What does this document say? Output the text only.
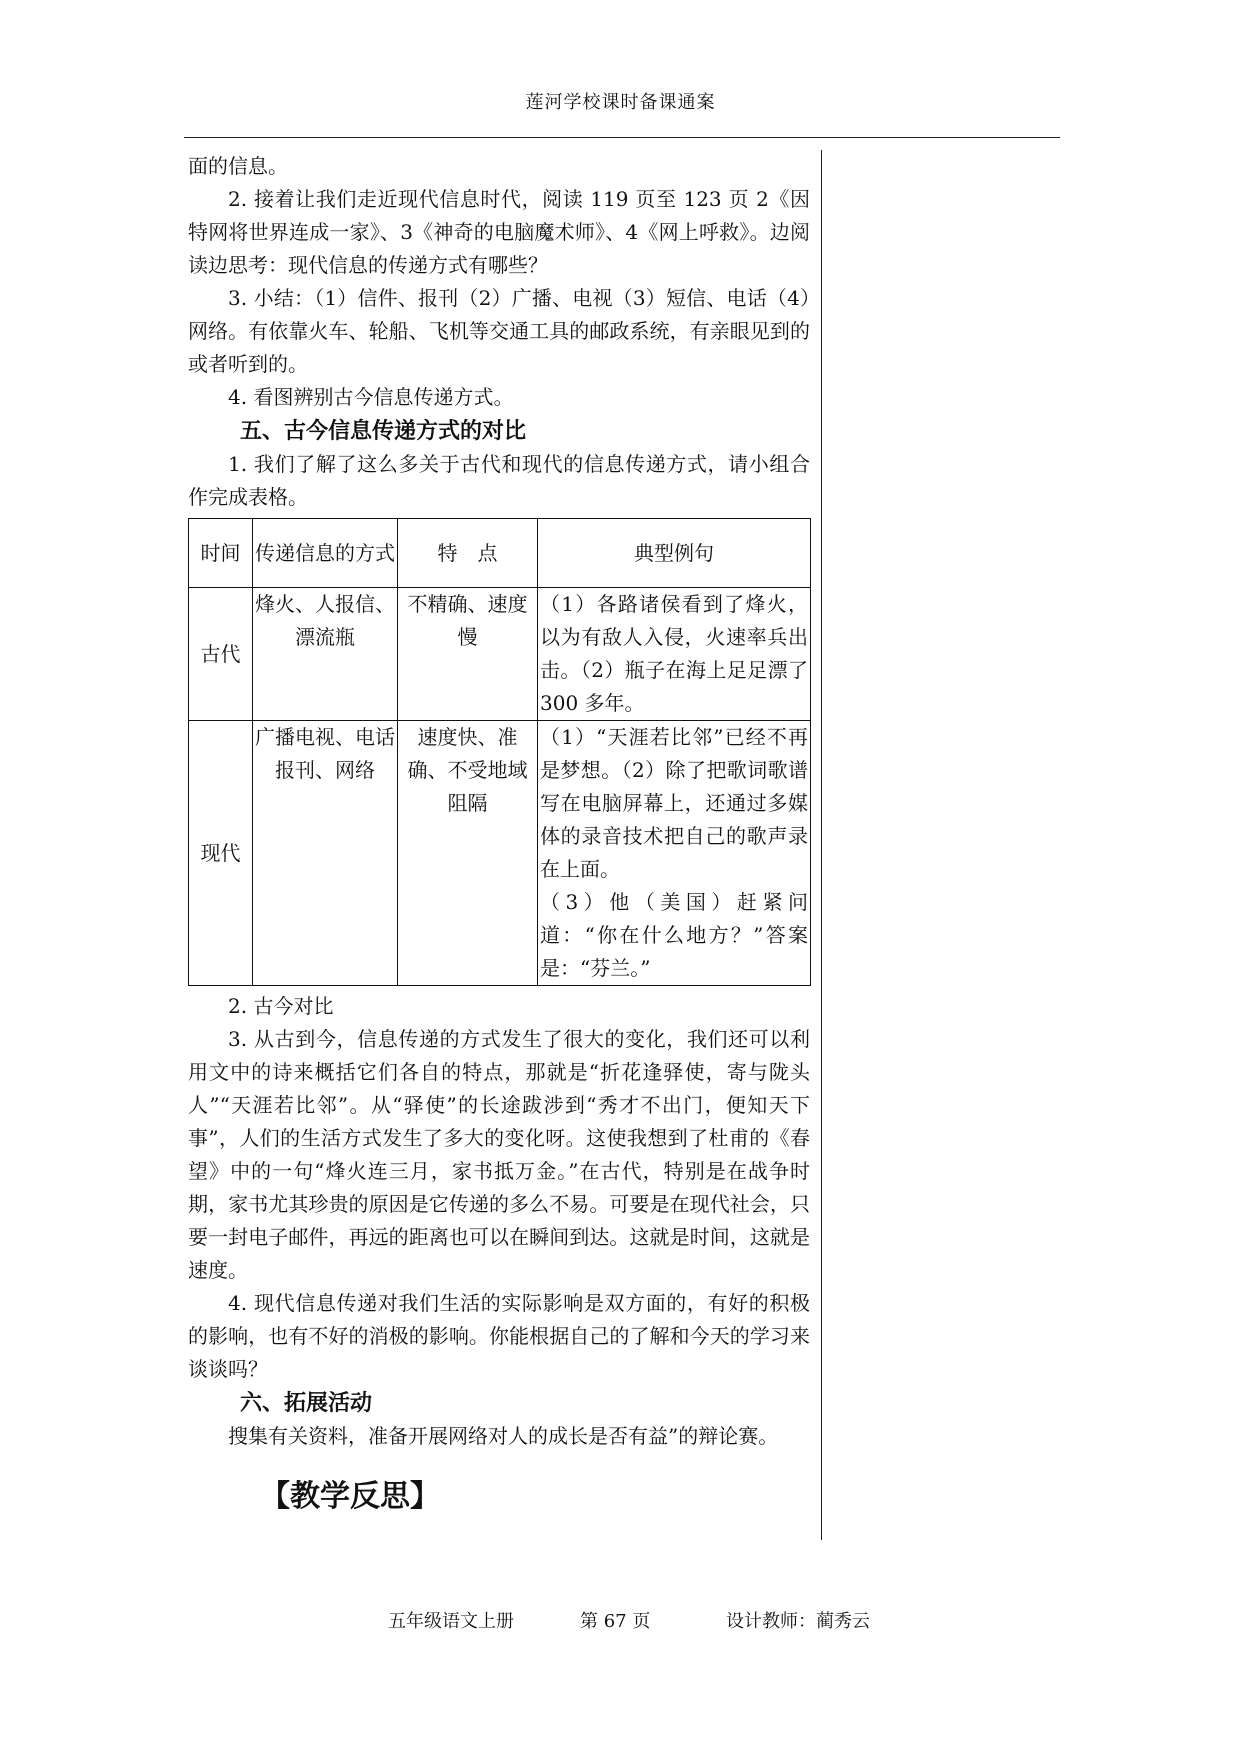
莲河学校课时备课通案

面的信息。

2. 接着让我们走近现代信息时代，阅读 119 页至 123 页 2《因特网将世界连成一家》、3《神奇的电脑魔术师》、4《网上呼救》。边阅读边思考：现代信息的传递方式有哪些？

3. 小结：（1）信件、报刊（2）广播、电视（3）短信、电话（4）网络。有依靠火车、轮船、飞机等交通工具的邮政系统，有亲眼见到的或者听到的。

4. 看图辨别古今信息传递方式。

五、古今信息传递方式的对比

1. 我们了解了这么多关于古代和现代的信息传递方式，请小组合作完成表格。

时间	传递信息的方式	特　点	典型例句
古代	烽火、人报信、漂流瓶	不精确、速度慢	（1）各路诸侯看到了烽火，以为有敌人入侵，火速率兵出击。（2）瓶子在海上足足漂了 300 多年。
现代	广播电视、电话报刊、网络	速度快、准确、不受地域阻隔	（1）“天涯若比邻”已经不再是梦想。（2）除了把歌词歌谱写在电脑屏幕上，还通过多媒体的录音技术把自己的歌声录在上面。
（3）他（美国）赶紧问道：“你在什么地方？”答案是：“芬兰。”

2. 古今对比

3. 从古到今，信息传递的方式发生了很大的变化，我们还可以利用文中的诗来概括它们各自的特点，那就是“折花逢驿使，寄与陇头人”“天涯若比邻”。从“驿使”的长途跋涉到“秀才不出门，便知天下事”，人们的生活方式发生了多大的变化呀。这使我想到了杜甫的《春望》中的一句“烽火连三月，家书抵万金。”在古代，特别是在战争时期，家书尤其珍贵的原因是它传递的多么不易。可要是在现代社会，只要一封电子邮件，再远的距离也可以在瞬间到达。这就是时间，这就是速度。

4. 现代信息传递对我们生活的实际影响是双方面的，有好的积极的影响，也有不好的消极的影响。你能根据自己的了解和今天的学习来谈谈吗？

六、拓展活动

搜集有关资料，准备开展网络对人的成长是否有益”的辩论赛。

【教学反思】
五年级语文上册	第 67 页	设计教师：蔺秀云
